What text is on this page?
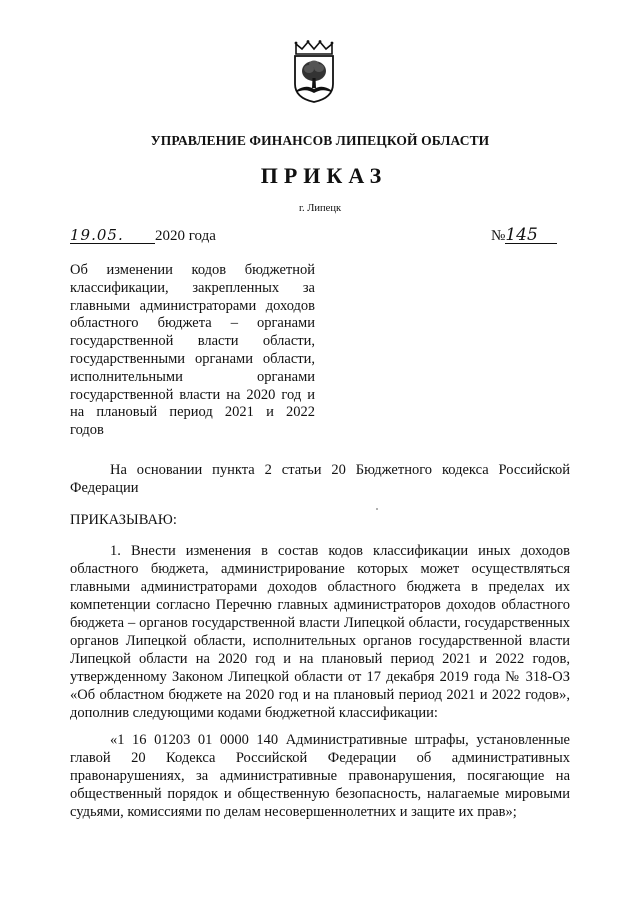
УПРАВЛЕНИЕ ФИНАНСОВ ЛИПЕЦКОЙ ОБЛАСТИ
ПРИКАЗ
г. Липецк
19.05. 2020 года	№145
Об изменении кодов бюджетной
классификации, закрепленных за
главными администраторами доходов
областного бюджета – органами
государственной власти области,
государственными органами области,
исполнительными органами
государственной власти на 2020 год и
на плановый период 2021 и 2022
годов
На основании пункта 2 статьи 20 Бюджетного кодекса Российской Федерации
ПРИКАЗЫВАЮ:
1. Внести изменения в состав кодов классификации иных доходов областного бюджета, администрирование которых может осуществляться главными администраторами доходов областного бюджета в пределах их компетенции согласно Перечню главных администраторов доходов областного бюджета – органов государственной власти Липецкой области, государственных органов Липецкой области, исполнительных органов государственной власти Липецкой области на 2020 год и на плановый период 2021 и 2022 годов, утвержденному Законом Липецкой области от 17 декабря 2019 года № 318-ОЗ «Об областном бюджете на 2020 год и на плановый период 2021 и 2022 годов», дополнив следующими кодами бюджетной классификации:
«1 16 01203 01 0000 140 Административные штрафы, установленные главой 20 Кодекса Российской Федерации об административных правонарушениях, за административные правонарушения, посягающие на общественный порядок и общественную безопасность, налагаемые мировыми судьями, комиссиями по делам несовершеннолетних и защите их прав»;
